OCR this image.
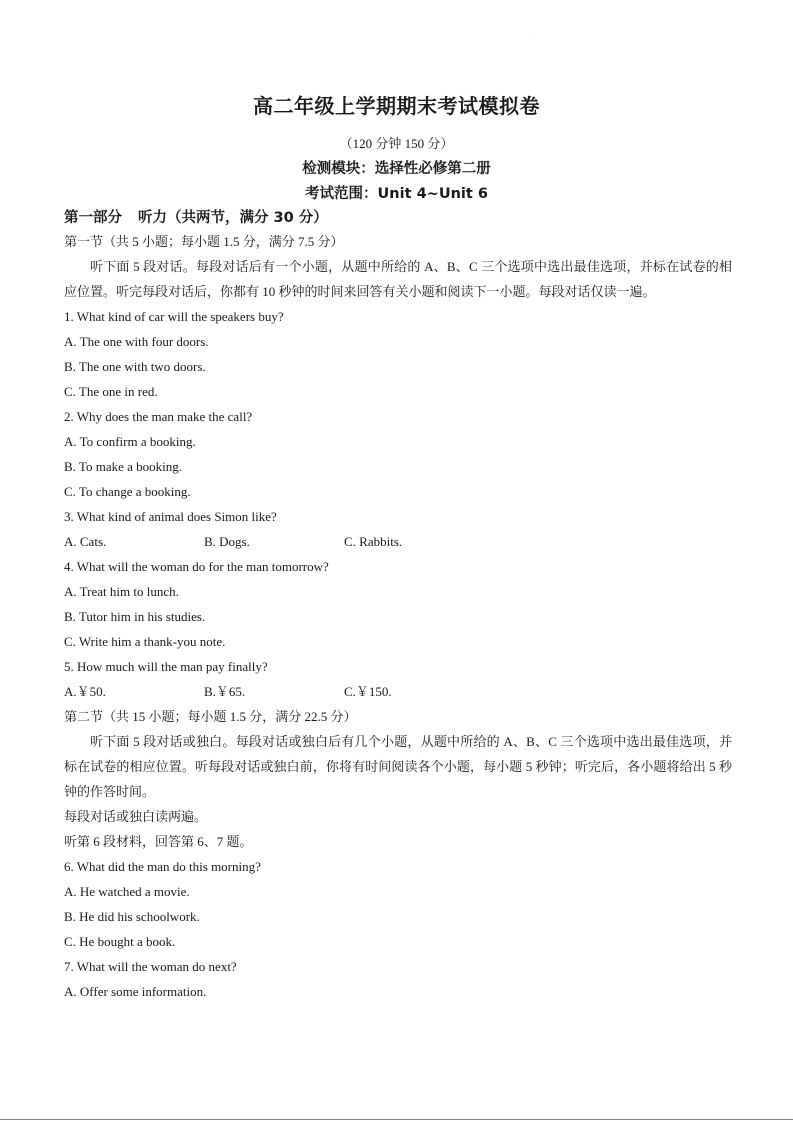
·
高二年级上学期期末考试模拟卷
（120 分钟 150 分）
检测模块：选择性必修第二册
考试范围：Unit 4~Unit 6
第一部分 听力（共两节，满分 30 分）
第一节（共 5 小题；每小题 1.5 分，满分 7.5 分）
听下面 5 段对话。每段对话后有一个小题，从题中所给的 A、B、C 三个选项中选出最佳选项，并标在试卷的相应位置。听完每段对话后，你都有 10 秒钟的时间来回答有关小题和阅读下一小题。每段对话仅读一遍。
1. What kind of car will the speakers buy?
A. The one with four doors.
B. The one with two doors.
C. The one in red.
2. Why does the man make the call?
A. To confirm a booking.
B. To make a booking.
C. To change a booking.
3. What kind of animal does Simon like?
A. Cats.	B. Dogs.	C. Rabbits.
4. What will the woman do for the man tomorrow?
A. Treat him to lunch.
B. Tutor him in his studies.
C. Write him a thank-you note.
5. How much will the man pay finally?
A.￥50.	B.￥65.	C.￥150.
第二节（共 15 小题；每小题 1.5 分，满分 22.5 分）
听下面 5 段对话或独白。每段对话或独白后有几个小题，从题中所给的 A、B、C 三个选项中选出最佳选项，并标在试卷的相应位置。听每段对话或独白前，你将有时间阅读各个小题，每小题 5 秒钟；听完后，各小题将给出 5 秒钟的作答时间。
每段对话或独白读两遍。
听第 6 段材料，回答第 6、7 题。
6. What did the man do this morning?
A. He watched a movie.
B. He did his schoolwork.
C. He bought a book.
7. What will the woman do next?
A. Offer some information.
